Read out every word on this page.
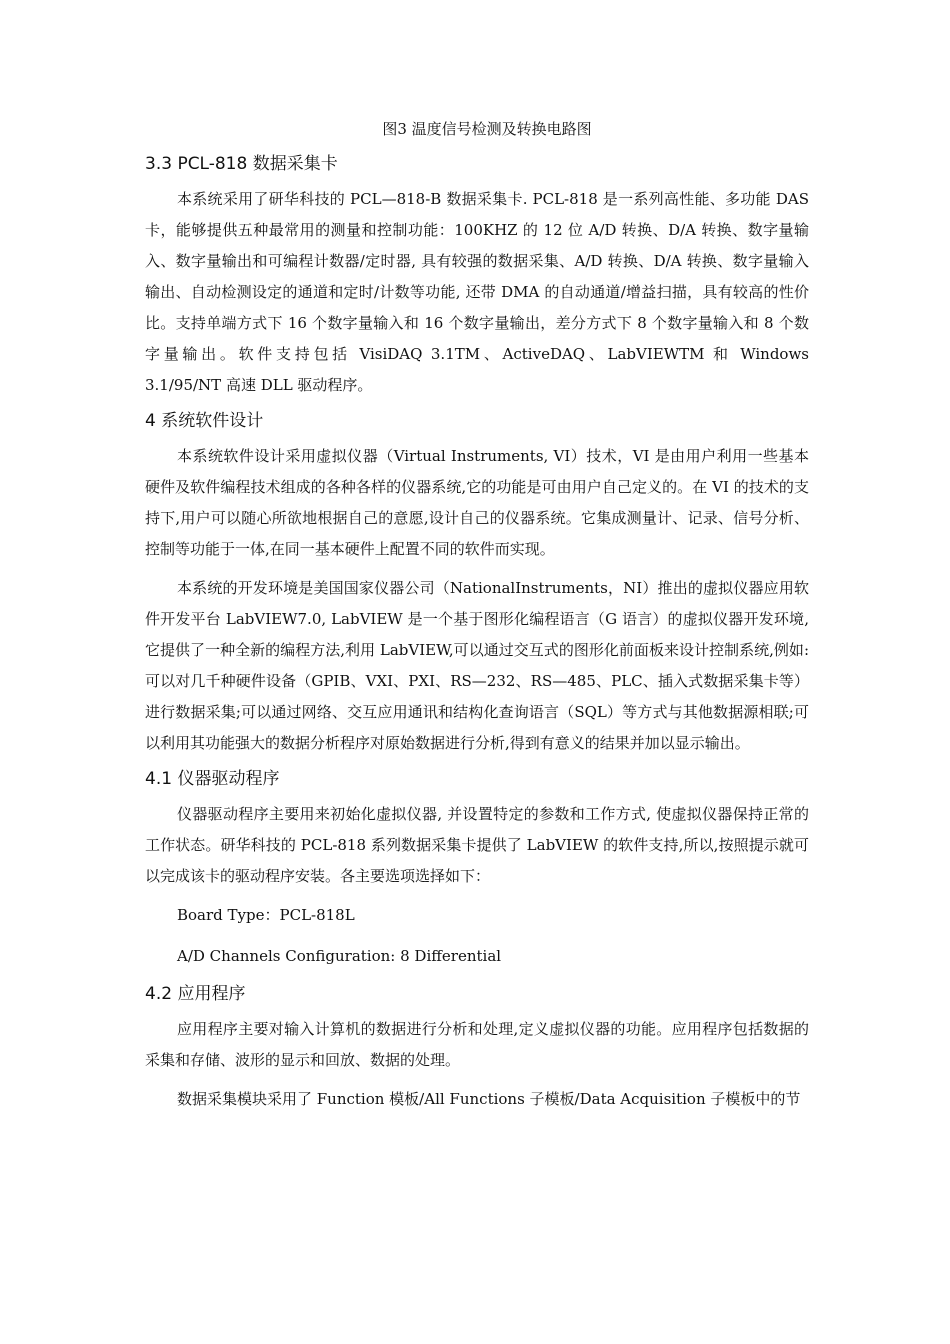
图3 温度信号检测及转换电路图

3.3 PCL-818 数据采集卡

本系统采用了研华科技的 PCL—818-B 数据采集卡. PCL-818 是一系列高性能、多功能 DAS 卡，能够提供五种最常用的测量和控制功能：100KHZ 的 12 位 A/D 转换、D/A 转换、数字量输入、数字量输出和可编程计数器/定时器, 具有较强的数据采集、A/D 转换、D/A 转换、数字量输入输出、自动检测设定的通道和定时/计数等功能, 还带 DMA 的自动通道/增益扫描，具有较高的性价比。支持单端方式下 16 个数字量输入和 16 个数字量输出，差分方式下 8 个数字量输入和 8 个数字量输出。软件支持包括 VisiDAQ 3.1TM、ActiveDAQ、LabVIEWTM 和 Windows 3.1/95/NT 高速 DLL 驱动程序。

4 系统软件设计

本系统软件设计采用虚拟仪器（Virtual Instruments, VI）技术，VI 是由用户利用一些基本硬件及软件编程技术组成的各种各样的仪器系统,它的功能是可由用户自己定义的。在 VI 的技术的支持下,用户可以随心所欲地根据自己的意愿,设计自己的仪器系统。它集成测量计、记录、信号分析、控制等功能于一体,在同一基本硬件上配置不同的软件而实现。

本系统的开发环境是美国国家仪器公司（NationalInstruments，NI）推出的虚拟仪器应用软件开发平台 LabVIEW7.0, LabVIEW 是一个基于图形化编程语言（G 语言）的虚拟仪器开发环境,它提供了一种全新的编程方法,利用 LabVIEW,可以通过交互式的图形化前面板来设计控制系统,例如:可以对几千种硬件设备（GPIB、VXI、PXI、RS—232、RS—485、PLC、插入式数据采集卡等）进行数据采集;可以通过网络、交互应用通讯和结构化查询语言（SQL）等方式与其他数据源相联;可以利用其功能强大的数据分析程序对原始数据进行分析,得到有意义的结果并加以显示输出。

4.1 仪器驱动程序

仪器驱动程序主要用来初始化虚拟仪器, 并设置特定的参数和工作方式, 使虚拟仪器保持正常的工作状态。研华科技的 PCL-818 系列数据采集卡提供了 LabVIEW 的软件支持,所以,按照提示就可以完成该卡的驱动程序安装。各主要选项选择如下：

Board Type：PCL-818L

A/D Channels Configuration: 8 Differential

4.2 应用程序

应用程序主要对输入计算机的数据进行分析和处理,定义虚拟仪器的功能。应用程序包括数据的采集和存储、波形的显示和回放、数据的处理。

数据采集模块采用了 Function 模板/All Functions 子模板/Data Acquisition 子模板中的节
